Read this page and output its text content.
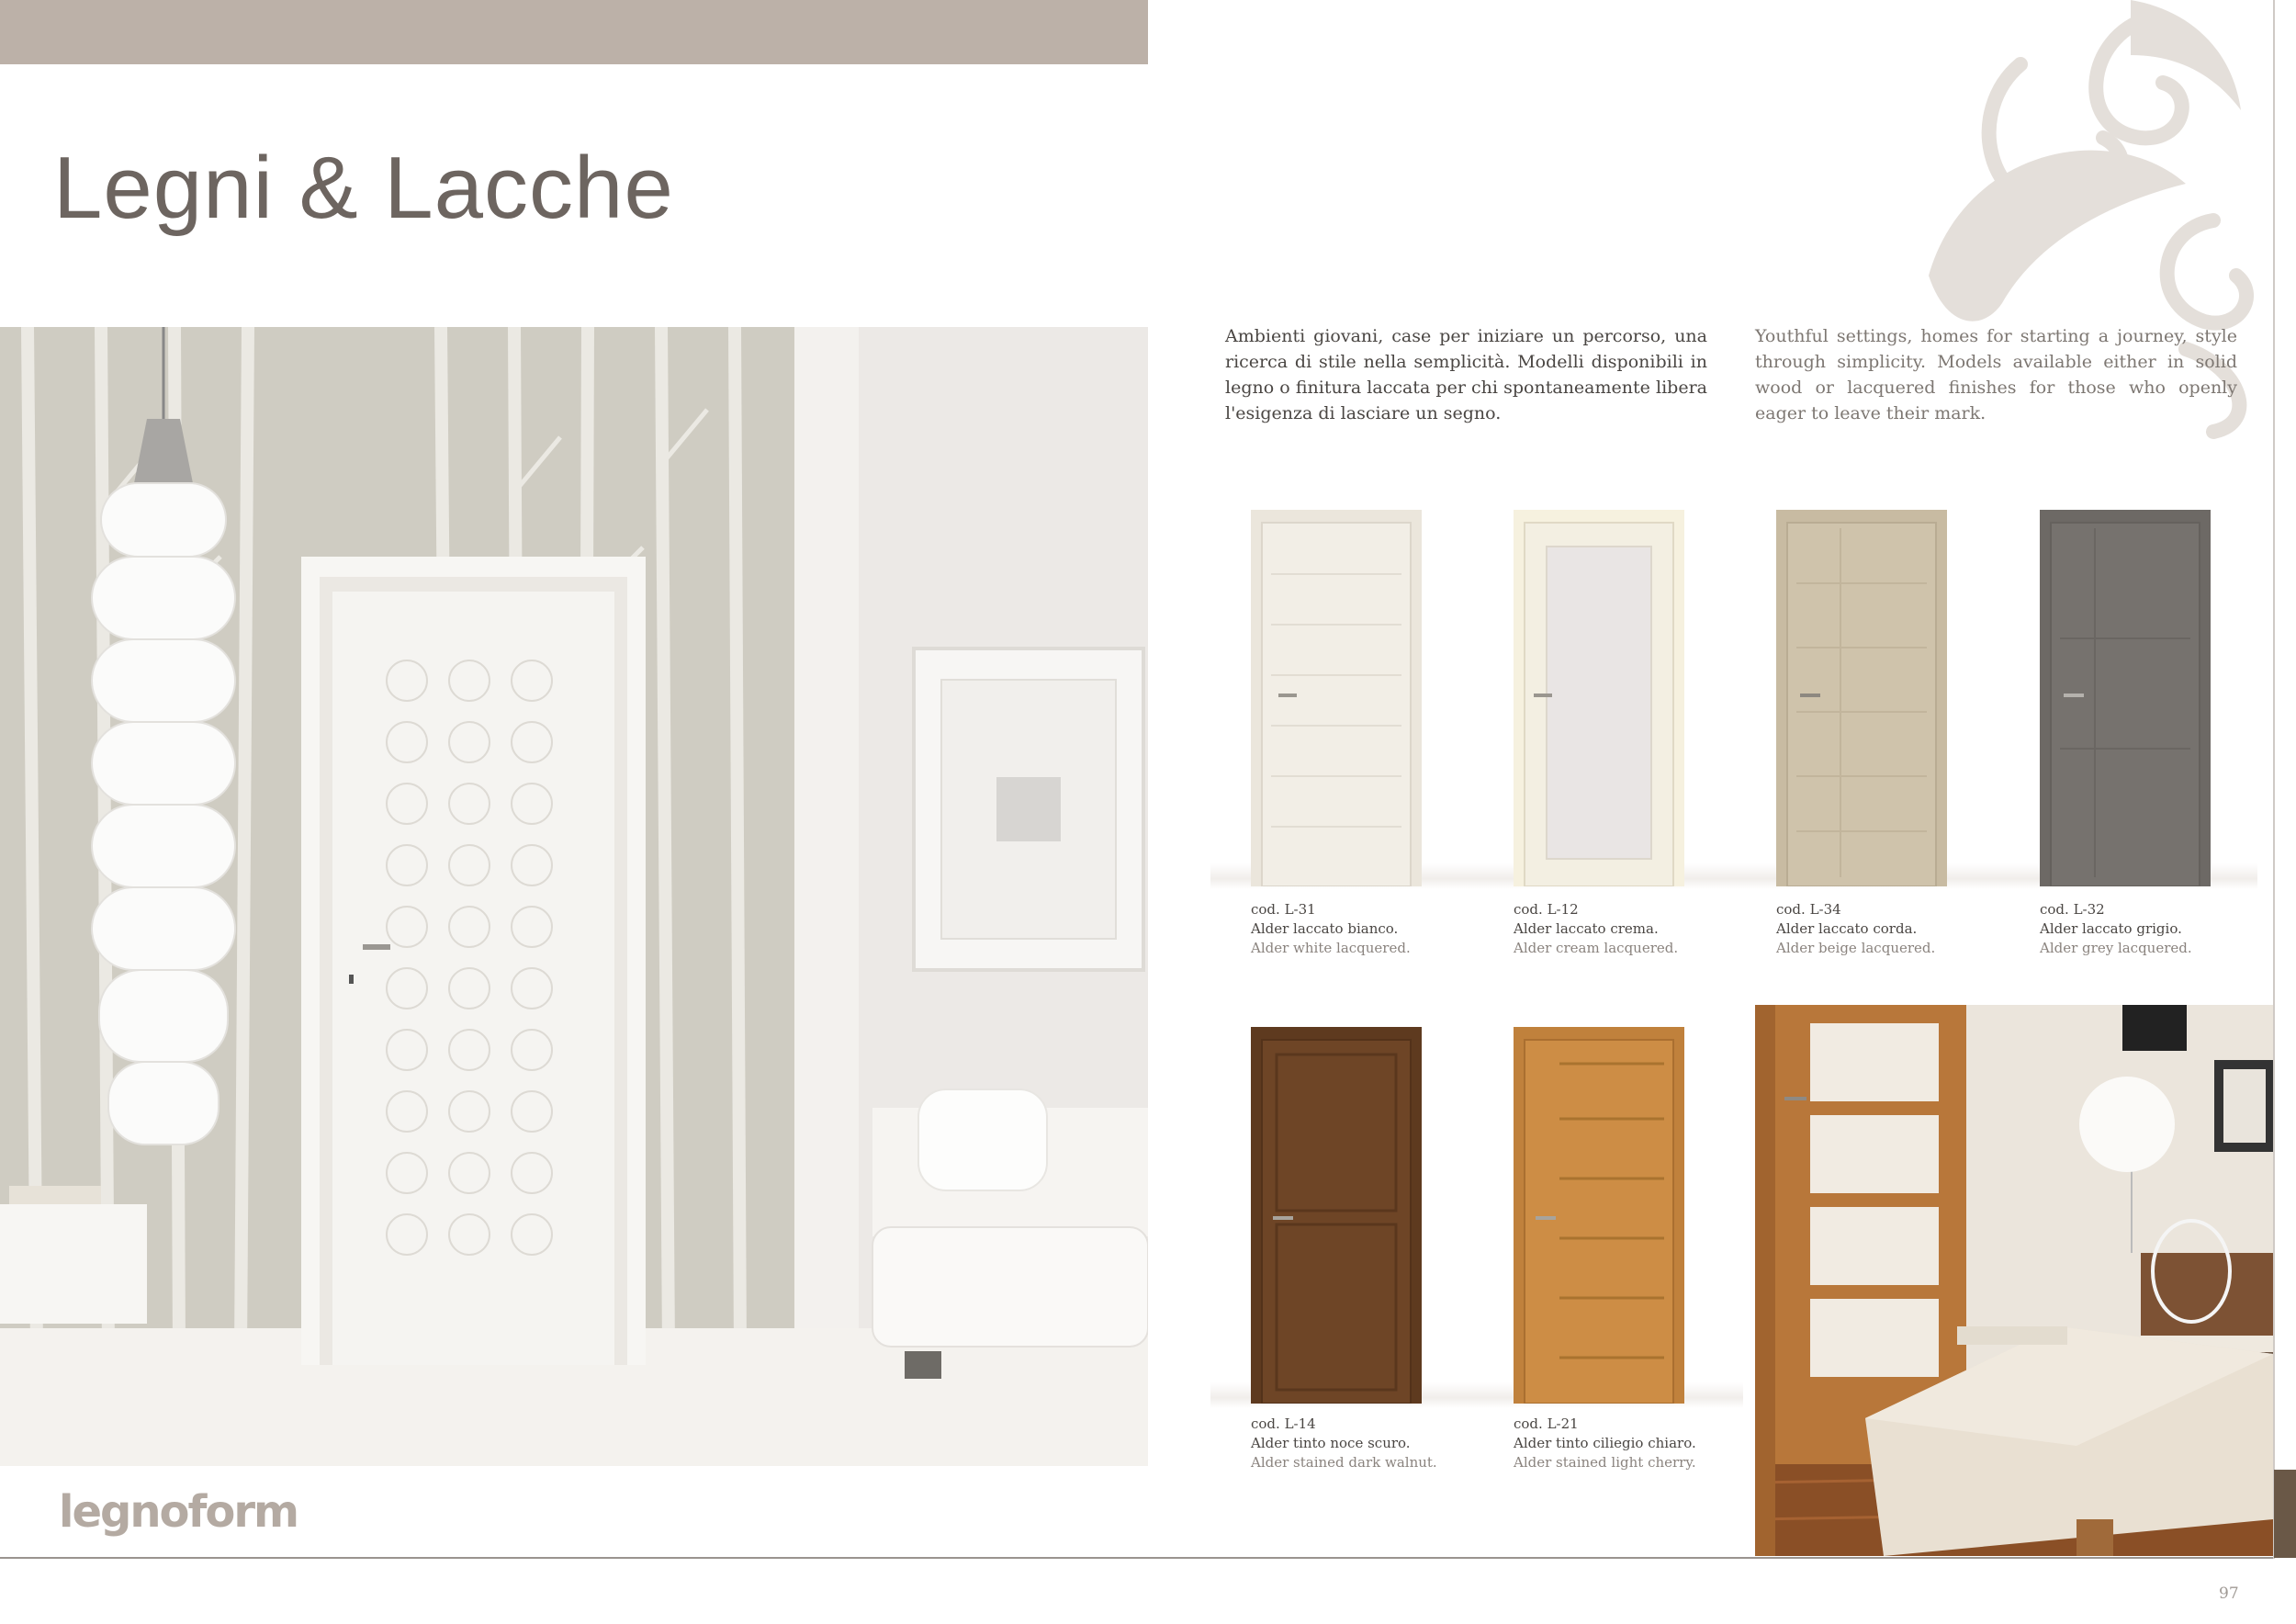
Legni & Lacche

Ambienti giovani, case per iniziare un percorso, una ricerca di stile nella semplicità. Modelli disponibili in legno o finitura laccata per chi spontaneamente libera l'esigenza di lasciare un segno.

Youthful settings, homes for starting a journey, style through simplicity. Models available either in solid wood or lacquered finishes for those who openly eager to leave their mark.

cod. L-31
Alder laccato bianco.
Alder white lacquered.
cod. L-12
Alder laccato crema.
Alder cream lacquered.
cod. L-34
Alder laccato corda.
Alder beige lacquered.
cod. L-32
Alder laccato grigio.
Alder grey lacquered.
cod. L-14
Alder tinto noce scuro.
Alder stained dark walnut.
cod. L-21
Alder tinto ciliegio chiaro.
Alder stained light cherry.
legnoform
97
